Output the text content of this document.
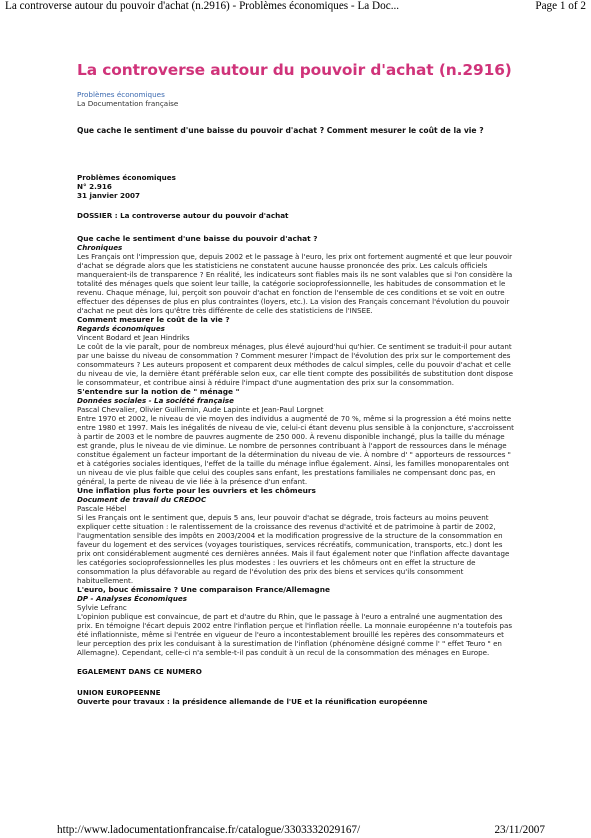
La controverse autour du pouvoir d'achat (n.2916) - Problèmes économiques - La Doc...	Page 1 of 2
La controverse autour du pouvoir d'achat (n.2916)
Problèmes économiques
La Documentation française
Que cache le sentiment d'une baisse du pouvoir d'achat ? Comment mesurer le coût de la vie ?
Problèmes économiques
N° 2.916
31 janvier 2007
DOSSIER : La controverse autour du pouvoir d'achat
Que cache le sentiment d'une baisse du pouvoir d'achat ?
Chroniques
Les Français ont l'impression que, depuis 2002 et le passage à l'euro, les prix ont fortement augmenté et que leur pouvoir d'achat se dégrade alors que les statisticiens ne constatent aucune hausse prononcée des prix. Les calculs officiels manqueraient-ils de transparence ? En réalité, les indicateurs sont fiables mais ils ne sont valables que si l'on considère la totalité des ménages quels que soient leur taille, la catégorie socioprofessionnelle, les habitudes de consommation et le revenu. Chaque ménage, lui, perçoit son pouvoir d'achat en fonction de l'ensemble de ces conditions et se voit en outre effectuer des dépenses de plus en plus contraintes (loyers, etc.). La vision des Français concernant l'évolution du pouvoir d'achat ne peut dès lors qu'être très différente de celle des statisticiens de l'INSEE.
Comment mesurer le coût de la vie ?
Regards économiques
Vincent Bodard et Jean Hindriks
Le coût de la vie paraît, pour de nombreux ménages, plus élevé aujourd'hui qu'hier. Ce sentiment se traduit-il pour autant par une baisse du niveau de consommation ? Comment mesurer l'impact de l'évolution des prix sur le comportement des consommateurs ? Les auteurs proposent et comparent deux méthodes de calcul simples, celle du pouvoir d'achat et celle du niveau de vie, la dernière étant préférable selon eux, car elle tient compte des possibilités de substitution dont dispose le consommateur, et contribue ainsi à réduire l'impact d'une augmentation des prix sur la consommation.
S'entendre sur la notion de " ménage "
Données sociales - La société française
Pascal Chevalier, Olivier Guillemin, Aude Lapinte et Jean-Paul Lorgnet
Entre 1970 et 2002, le niveau de vie moyen des individus a augmenté de 70 %, même si la progression a été moins nette entre 1980 et 1997. Mais les inégalités de niveau de vie, celui-ci étant devenu plus sensible à la conjoncture, s'accroissent à partir de 2003 et le nombre de pauvres augmente de 250 000. À revenu disponible inchangé, plus la taille du ménage est grande, plus le niveau de vie diminue. Le nombre de personnes contribuant à l'apport de ressources dans le ménage constitue également un facteur important de la détermination du niveau de vie. À nombre d' " apporteurs de ressources " et à catégories sociales identiques, l'effet de la taille du ménage influe également. Ainsi, les familles monoparentales ont un niveau de vie plus faible que celui des couples sans enfant, les prestations familiales ne compensant donc pas, en général, la perte de niveau de vie liée à la présence d'un enfant.
Une inflation plus forte pour les ouvriers et les chômeurs
Document de travail du CREDOC
Pascale Hébel
Si les Français ont le sentiment que, depuis 5 ans, leur pouvoir d'achat se dégrade, trois facteurs au moins peuvent expliquer cette situation : le ralentissement de la croissance des revenus d'activité et de patrimoine à partir de 2002, l'augmentation sensible des impôts en 2003/2004 et la modification progressive de la structure de la consommation en faveur du logement et des services (voyages touristiques, services récréatifs, communication, transports, etc.) dont les prix ont considérablement augmenté ces dernières années. Mais il faut également noter que l'inflation affecte davantage les catégories socioprofessionnelles les plus modestes : les ouvriers et les chômeurs ont en effet la structure de consommation la plus défavorable au regard de l'évolution des prix des biens et services qu'ils consomment habituellement.
L'euro, bouc émissaire ? Une comparaison France/Allemagne
DP - Analyses Économiques
Sylvie Lefranc
L'opinion publique est convaincue, de part et d'autre du Rhin, que le passage à l'euro a entraîné une augmentation des prix. En témoigne l'écart depuis 2002 entre l'inflation perçue et l'inflation réelle. La monnaie européenne n'a toutefois pas été inflationniste, même si l'entrée en vigueur de l'euro a incontestablement brouillé les repères des consommateurs et leur perception des prix les conduisant à la surestimation de l'inflation (phénomène désigné comme l' " effet Teuro " en Allemagne). Cependant, celle-ci n'a semble-t-il pas conduit à un recul de la consommation des ménages en Europe.
EGALEMENT DANS CE NUMERO
UNION EUROPEENNE
Ouverte pour travaux : la présidence allemande de l'UE et la réunification européenne
http://www.ladocumentationfrancaise.fr/catalogue/3303332029167/	23/11/2007
